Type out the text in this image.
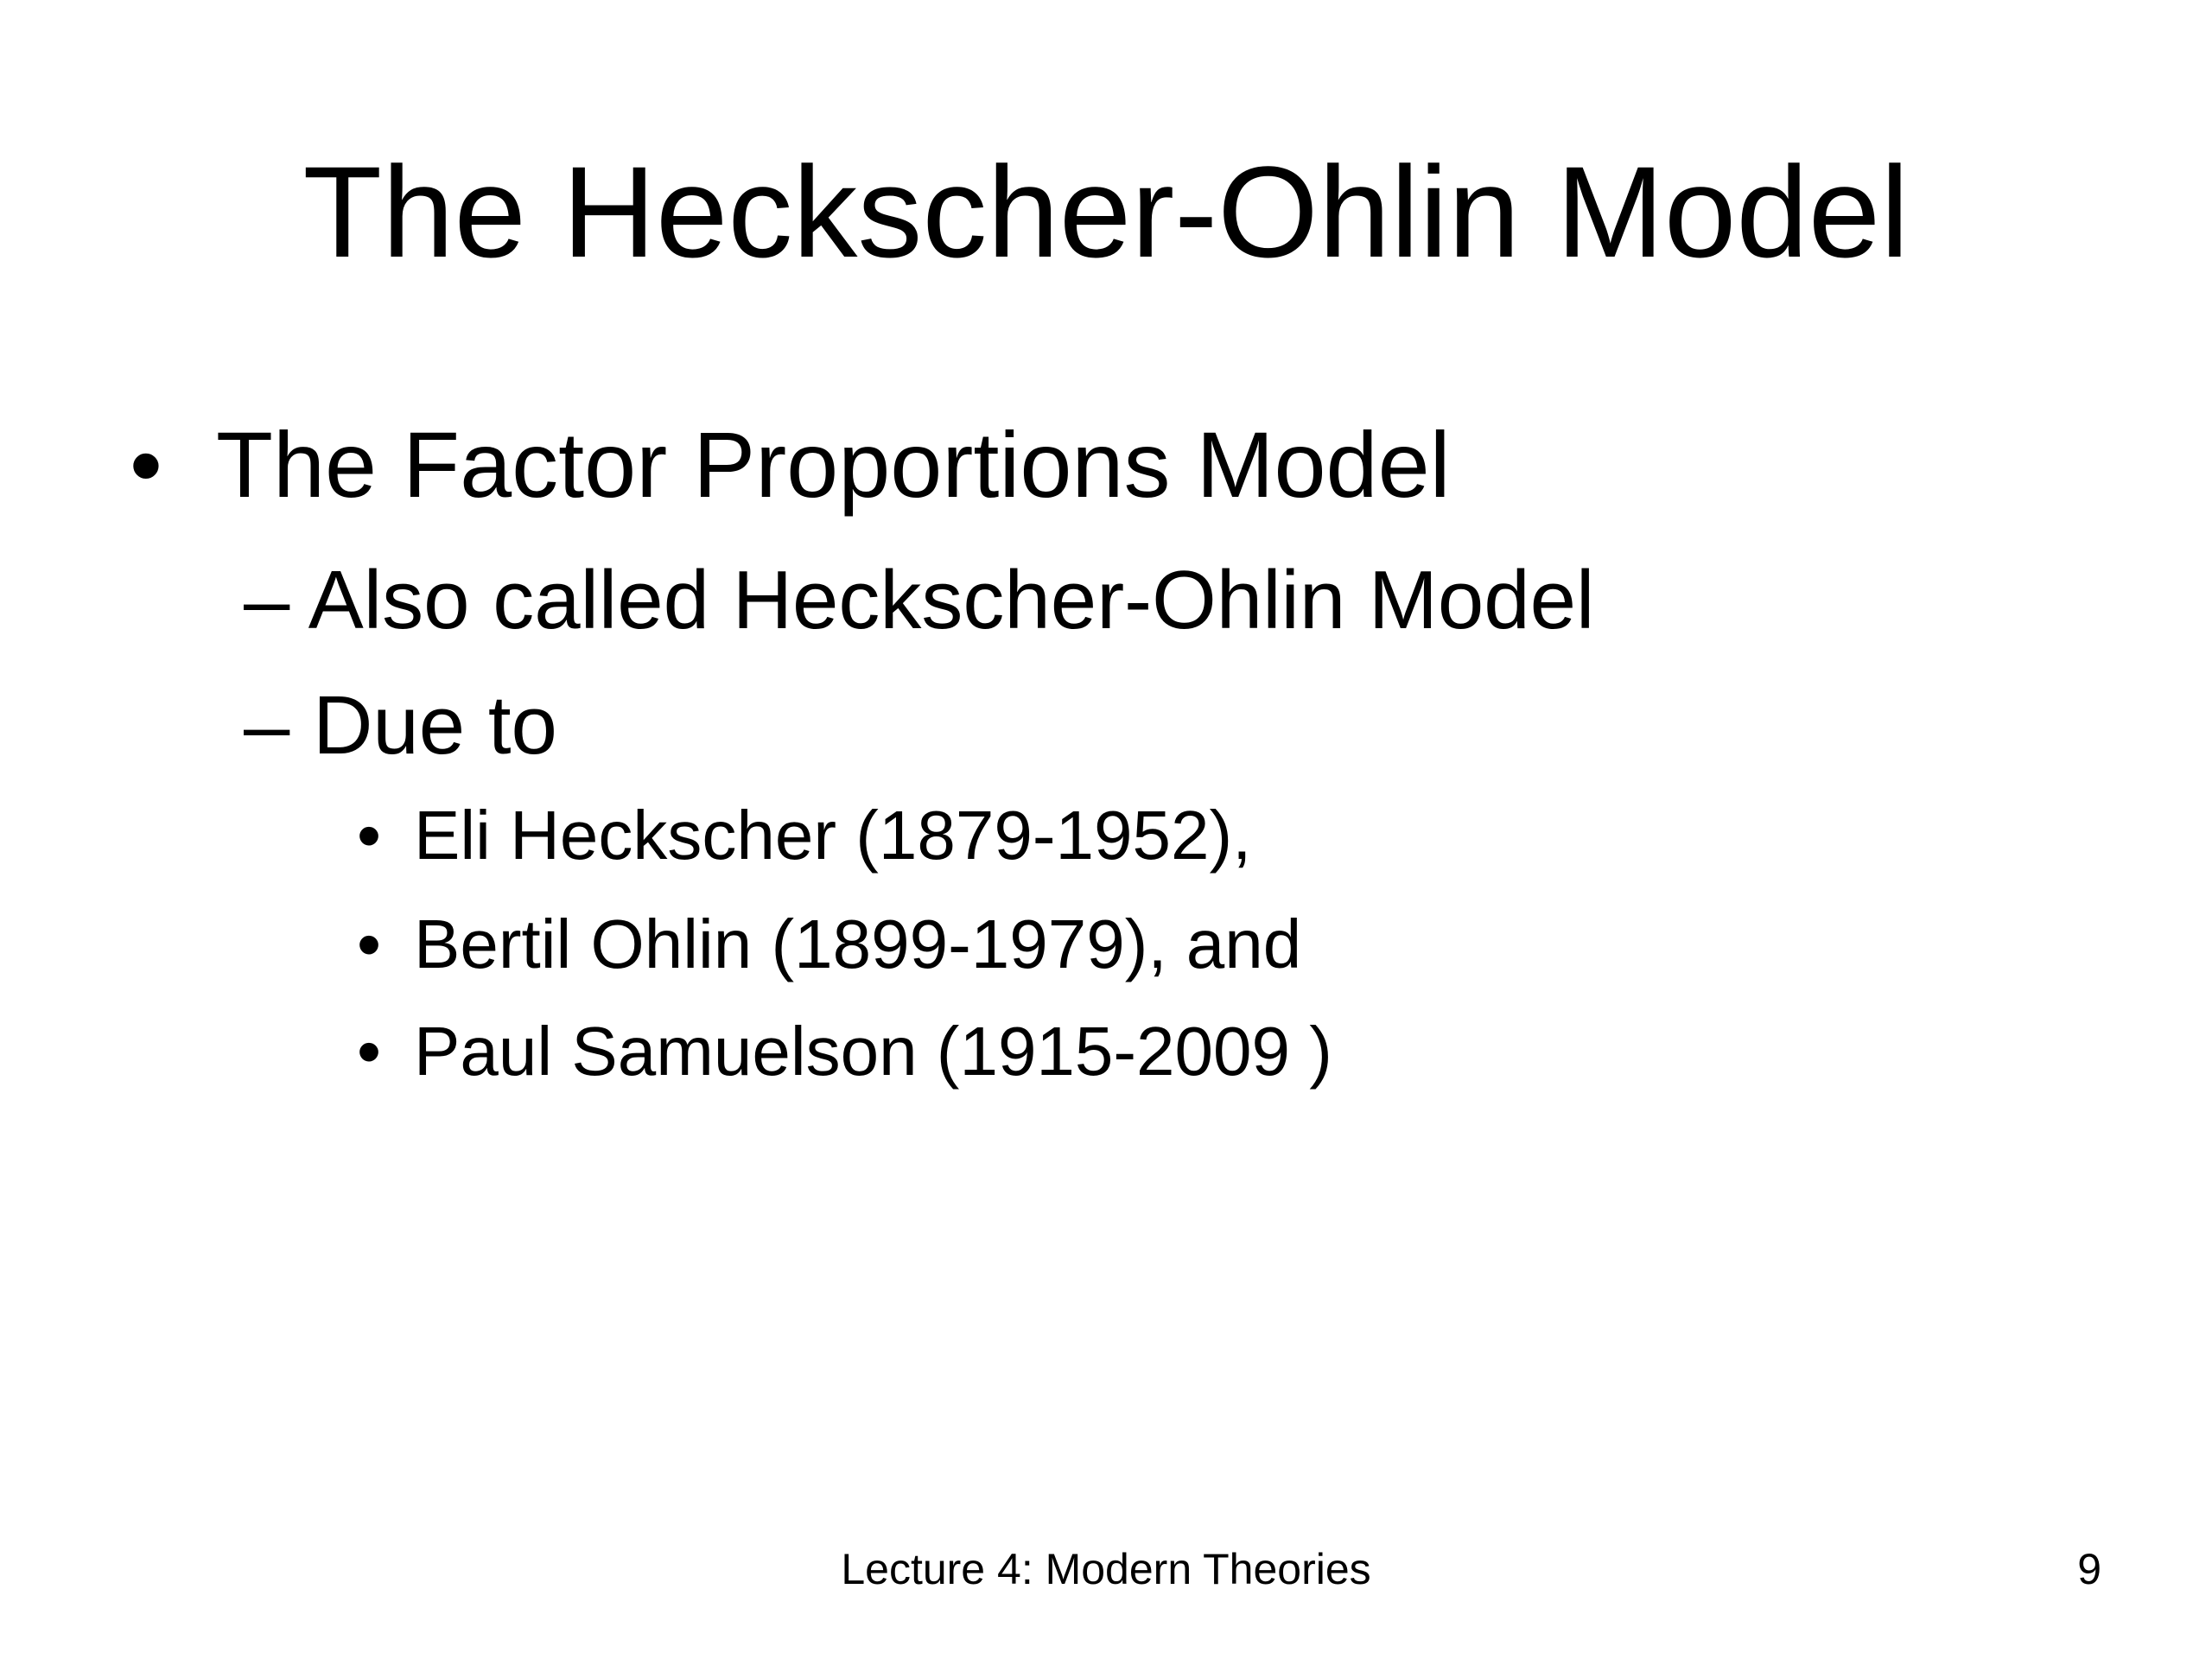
The Heckscher-Ohlin Model
• The Factor Proportions Model
– Also called Heckscher-Ohlin Model
– Due to
• Eli Heckscher (1879-1952),
• Bertil Ohlin (1899-1979), and
• Paul Samuelson (1915-2009 )
Lecture 4: Modern Theories	9
